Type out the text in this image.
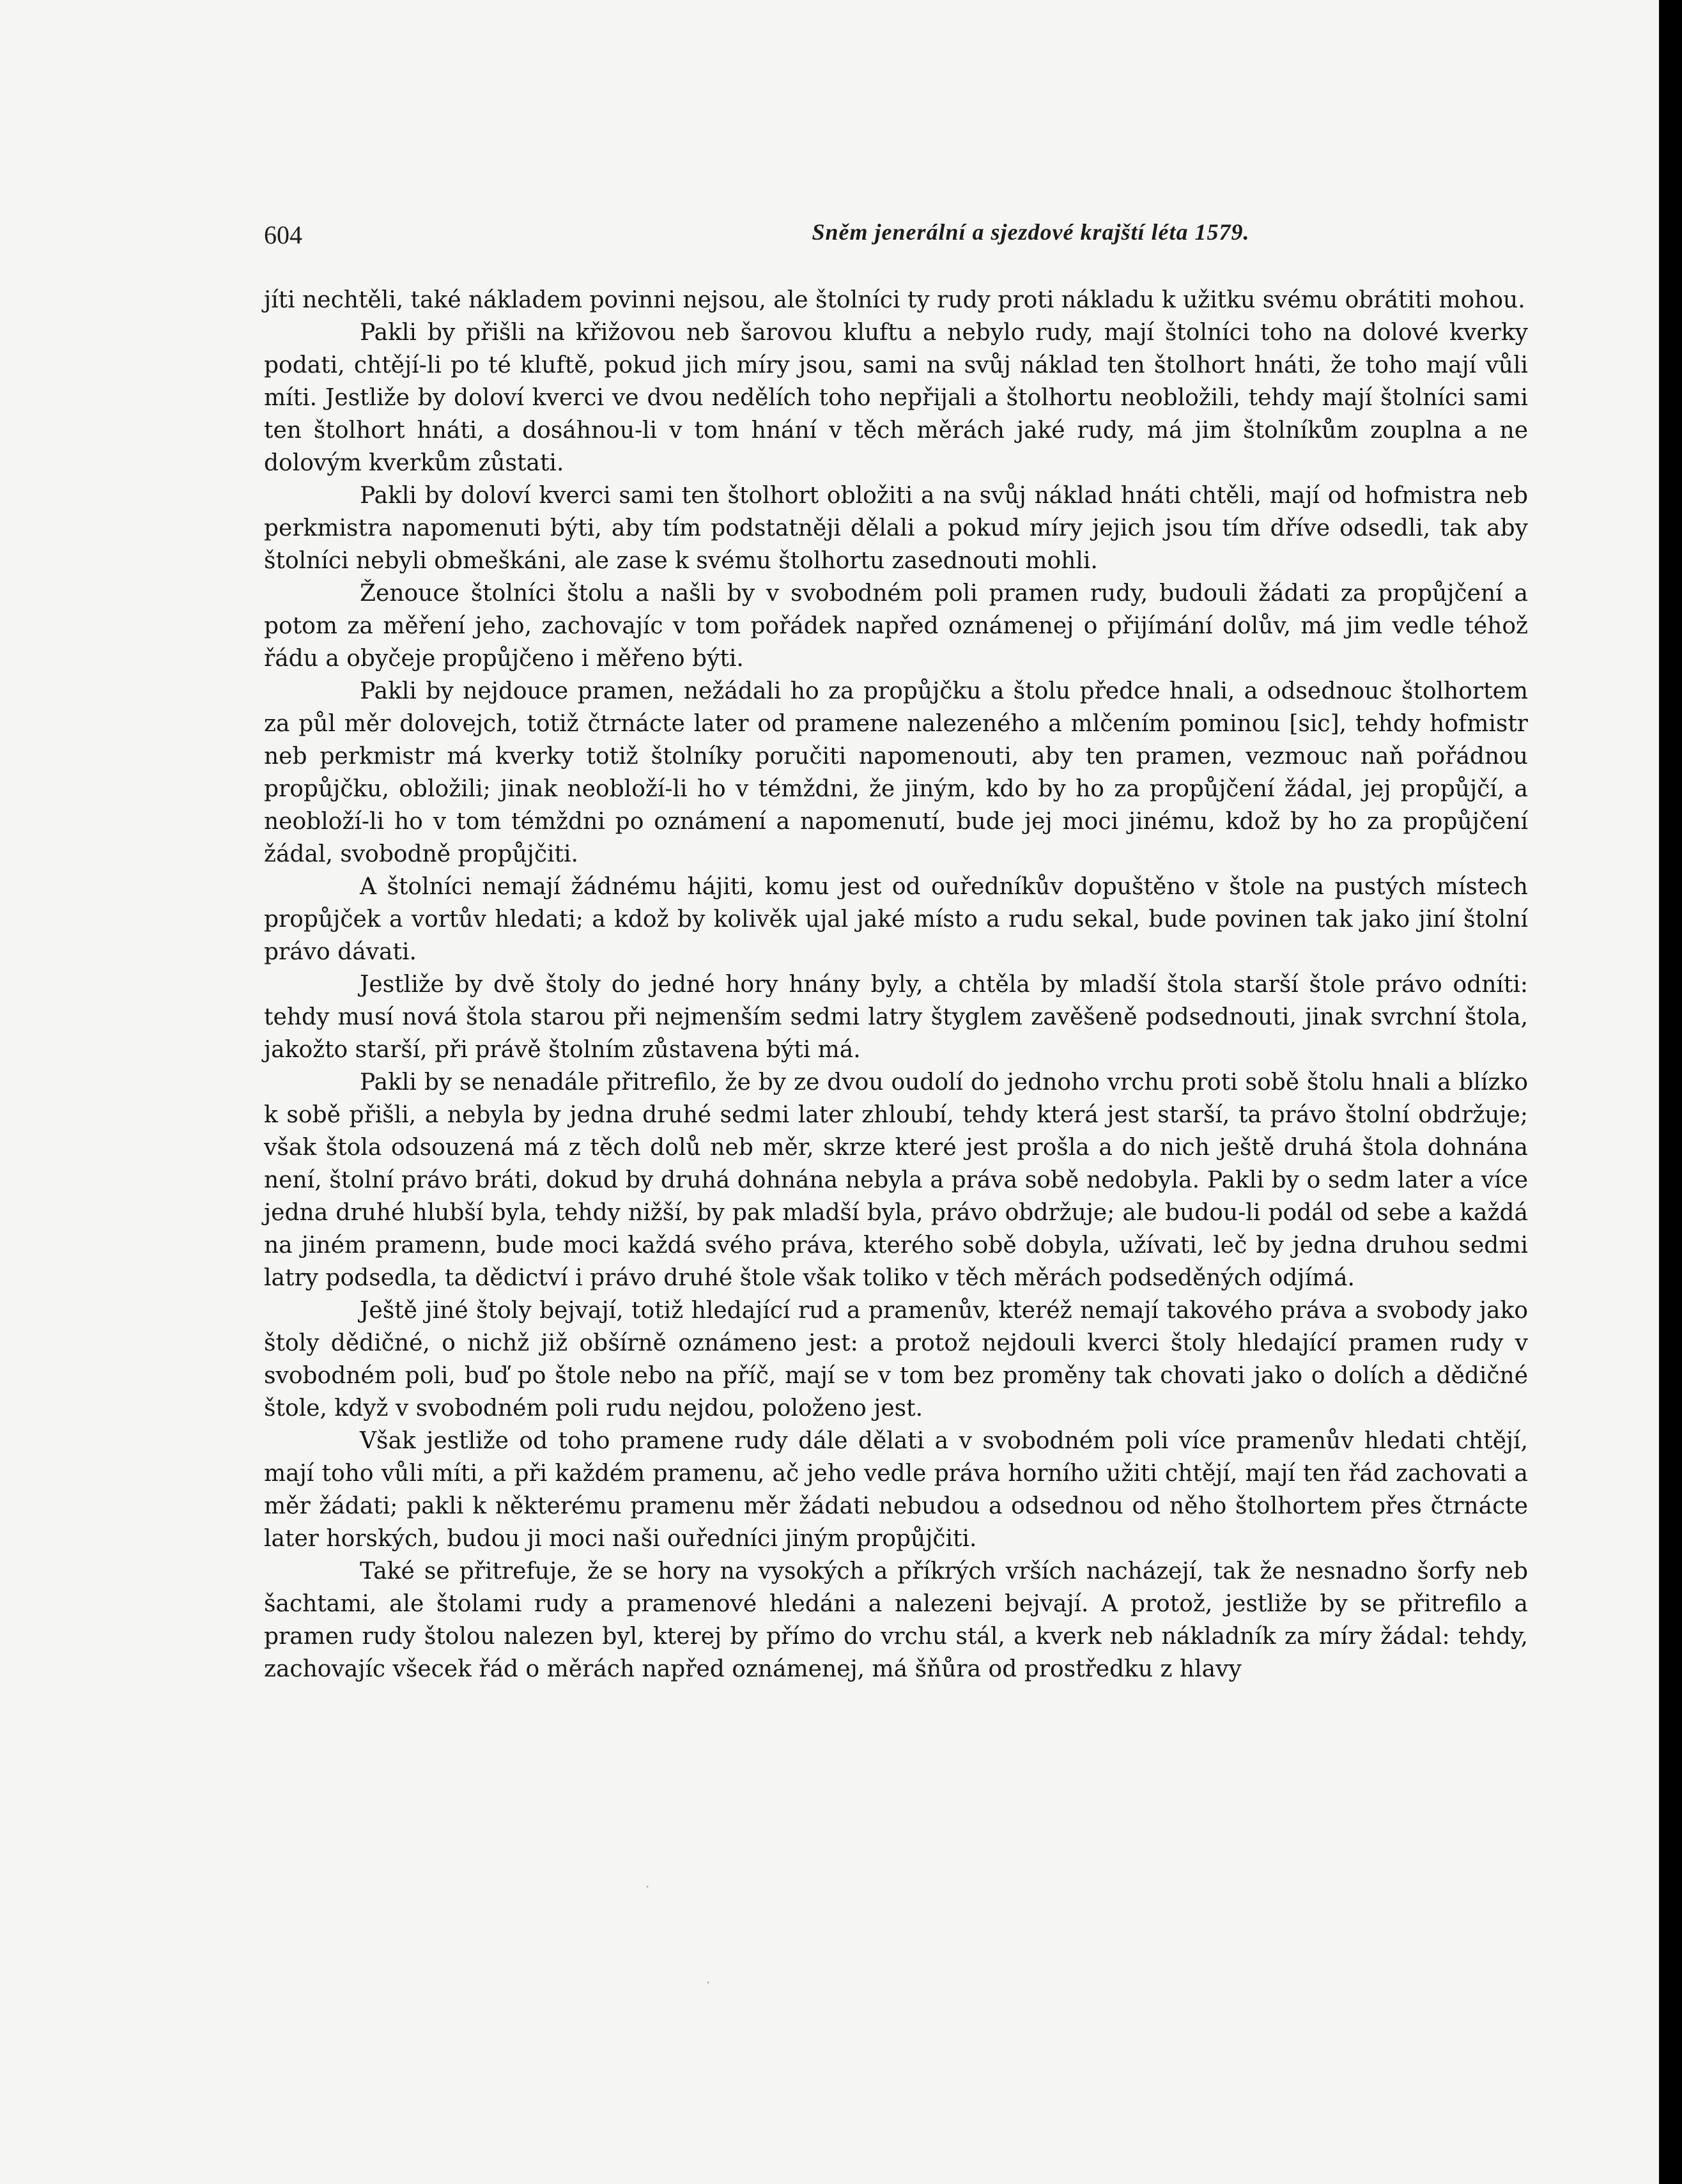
604	Sněm jenerální a sjezdové krajští léta 1579.

jíti nechtěli, také nákladem povinni nejsou, ale štolníci ty rudy proti nákladu k užitku svému obrátiti mohou.

Pakli by přišli na křižovou neb šarovou kluftu a nebylo rudy, mají štolníci toho na dolové kverky podati, chtějí-li po té kluftě, pokud jich míry jsou, sami na svůj náklad ten štolhort hnáti, že toho mají vůli míti. Jestliže by doloví kverci ve dvou nedělích toho nepřijali a štolhortu neobložili, tehdy mají štolníci sami ten štolhort hnáti, a dosáhnou-li v tom hnání v těch měrách jaké rudy, má jim štolníkům zouplna a ne dolovým kverkům zůstati.

Pakli by doloví kverci sami ten štolhort obložiti a na svůj náklad hnáti chtěli, mají od hofmistra neb perkmistra napomenuti býti, aby tím podstatněji dělali a pokud míry jejich jsou tím dříve odsedli, tak aby štolníci nebyli obmeškáni, ale zase k svému štolhortu zasednouti mohli.

Ženouce štolníci štolu a našli by v svobodném poli pramen rudy, budouli žádati za propůjčení a potom za měření jeho, zachovajíc v tom pořádek napřed oznámenej o přijímání dolův, má jim vedle téhož řádu a obyčeje propůjčeno i měřeno býti.

Pakli by nejdouce pramen, nežádali ho za propůjčku a štolu předce hnali, a odsednouc štolhortem za půl měr dolovejch, totiž čtrnácte later od pramene nalezeného a mlčením pominou [sic], tehdy hofmistr neb perkmistr má kverky totiž štolníky poručiti napomenouti, aby ten pramen, vezmouc naň pořádnou propůjčku, obložili; jinak neobloží-li ho v témždni, že jiným, kdo by ho za propůjčení žádal, jej propůjčí, a neobloží-li ho v tom témždni po oznámení a napomenutí, bude jej moci jinému, kdož by ho za propůjčení žádal, svobodně propůjčiti.

A štolníci nemají žádnému hájiti, komu jest od ouředníkův dopuštěno v štole na pustých místech propůjček a vortův hledati; a kdož by kolivěk ujal jaké místo a rudu sekal, bude povinen tak jako jiní štolní právo dávati.

Jestliže by dvě štoly do jedné hory hnány byly, a chtěla by mladší štola starší štole právo odníti: tehdy musí nová štola starou při nejmenším sedmi latry štyglem zavěšeně podsednouti, jinak svrchní štola, jakožto starší, při právě štolním zůstavena býti má.

Pakli by se nenadále přitrefilo, že by ze dvou oudolí do jednoho vrchu proti sobě štolu hnali a blízko k sobě přišli, a nebyla by jedna druhé sedmi later zhloubí, tehdy která jest starší, ta právo štolní obdržuje; však štola odsouzená má z těch dolů neb měr, skrze které jest prošla a do nich ještě druhá štola dohnána není, štolní právo bráti, dokud by druhá dohnána nebyla a práva sobě nedobyla. Pakli by o sedm later a více jedna druhé hlubší byla, tehdy nižší, by pak mladší byla, právo obdržuje; ale budou-li podál od sebe a každá na jiném pramenn, bude moci každá svého práva, kterého sobě dobyla, užívati, leč by jedna druhou sedmi latry podsedla, ta dědictví i právo druhé štole však toliko v těch měrách podseděných odjímá.

Ještě jiné štoly bejvají, totiž hledající rud a pramenův, kteréž nemají takového práva a svobody jako štoly dědičné, o nichž již obšírně oznámeno jest: a protož nejdouli kverci štoly hledající pramen rudy v svobodném poli, buď po štole nebo na příč, mají se v tom bez proměny tak chovati jako o dolích a dědičné štole, když v svobodném poli rudu nejdou, položeno jest.

Však jestliže od toho pramene rudy dále dělati a v svobodném poli více pramenův hledati chtějí, mají toho vůli míti, a při každém pramenu, ač jeho vedle práva horního užiti chtějí, mají ten řád zachovati a měr žádati; pakli k některému pramenu měr žádati nebudou a odsednou od něho štolhortem přes čtrnácte later horských, budou ji moci naši ouředníci jiným propůjčiti.

Také se přitrefuje, že se hory na vysokých a příkrých vrších nacházejí, tak že nesnadno šorfy neb šachtami, ale štolami rudy a pramenové hledáni a nalezeni bejvají. A protož, jestliže by se přitrefilo a pramen rudy štolou nalezen byl, kterej by přímo do vrchu stál, a kverk neb nákladník za míry žádal: tehdy, zachovajíc všecek řád o měrách napřed oznámenej, má šňůra od prostředku z hlavy

·
·
